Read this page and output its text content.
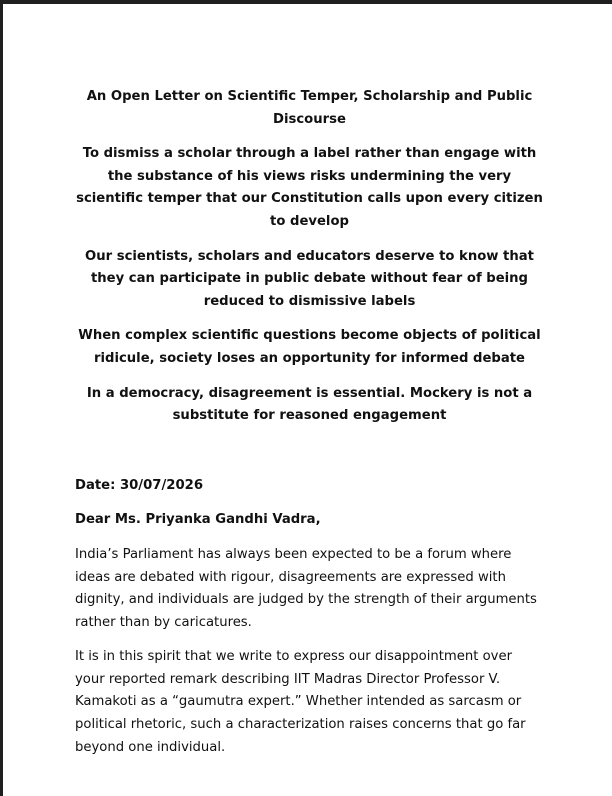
An Open Letter on Scientific Temper, Scholarship and Public Discourse

To dismiss a scholar through a label rather than engage with the substance of his views risks undermining the very scientific temper that our Constitution calls upon every citizen to develop

Our scientists, scholars and educators deserve to know that they can participate in public debate without fear of being reduced to dismissive labels

When complex scientific questions become objects of political ridicule, society loses an opportunity for informed debate

In a democracy, disagreement is essential. Mockery is not a substitute for reasoned engagement

Date: 30/07/2026

Dear Ms. Priyanka Gandhi Vadra,

India’s Parliament has always been expected to be a forum where ideas are debated with rigour, disagreements are expressed with dignity, and individuals are judged by the strength of their arguments rather than by caricatures.

It is in this spirit that we write to express our disappointment over your reported remark describing IIT Madras Director Professor V. Kamakoti as a “gaumutra expert.” Whether intended as sarcasm or political rhetoric, such a characterization raises concerns that go far beyond one individual.
